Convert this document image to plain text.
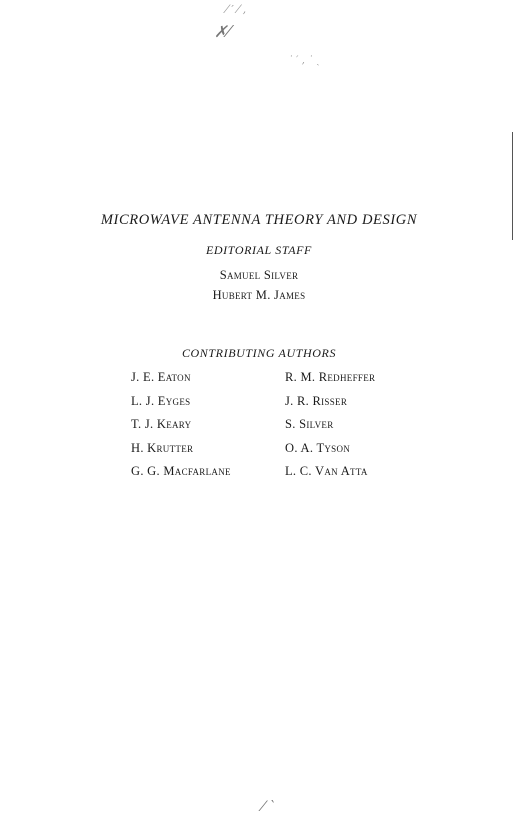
⁄ ′ ⁄ ,
✗⁄
˙ ′ ‚ ˙ ˎ
⁄ ˋ
MICROWAVE ANTENNA THEORY AND DESIGN
EDITORIAL STAFF
Samuel Silver
Hubert M. James
CONTRIBUTING AUTHORS
J. E. Eaton	R. M. Redheffer
L. J. Eyges	J. R. Risser
T. J. Keary	S. Silver
H. Krutter	O. A. Tyson
G. G. Macfarlane	L. C. Van Atta
